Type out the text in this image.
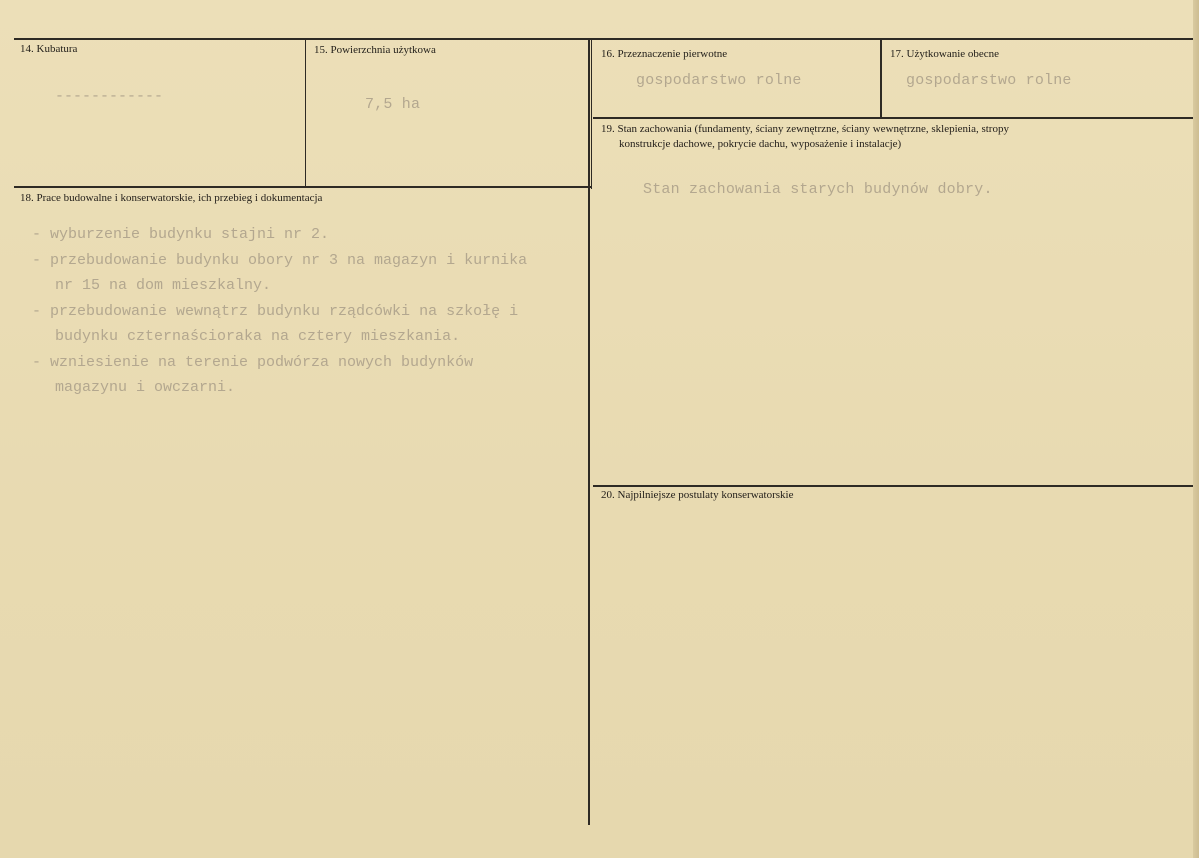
14. Kubatura
------------
15. Powierzchnia użytkowa
7,5 ha
16. Przeznaczenie pierwotne
gospodarstwo rolne
17. Użytkowanie obecne
gospodarstwo rolne
19. Stan zachowania (fundamenty, ściany zewnętrzne, ściany wewnętrzne, sklepienia, stropy
konstrukcje dachowe, pokrycie dachu, wyposażenie i instalacje)
Stan zachowania starych budynów dobry.
18. Prace budowalne i konserwatorskie, ich przebieg i dokumentacja
- wyburzenie budynku stajni nr 2.
- przebudowanie budynku obory nr 3 na magazyn i kurnika
nr 15 na dom mieszkalny.
- przebudowanie wewnątrz budynku rządcówki na szkołę i
budynku czternaścioraka na cztery mieszkania.
- wzniesienie na terenie podwórza nowych budynków
magazynu i owczarni.
20. Najpilniejsze postulaty konserwatorskie
